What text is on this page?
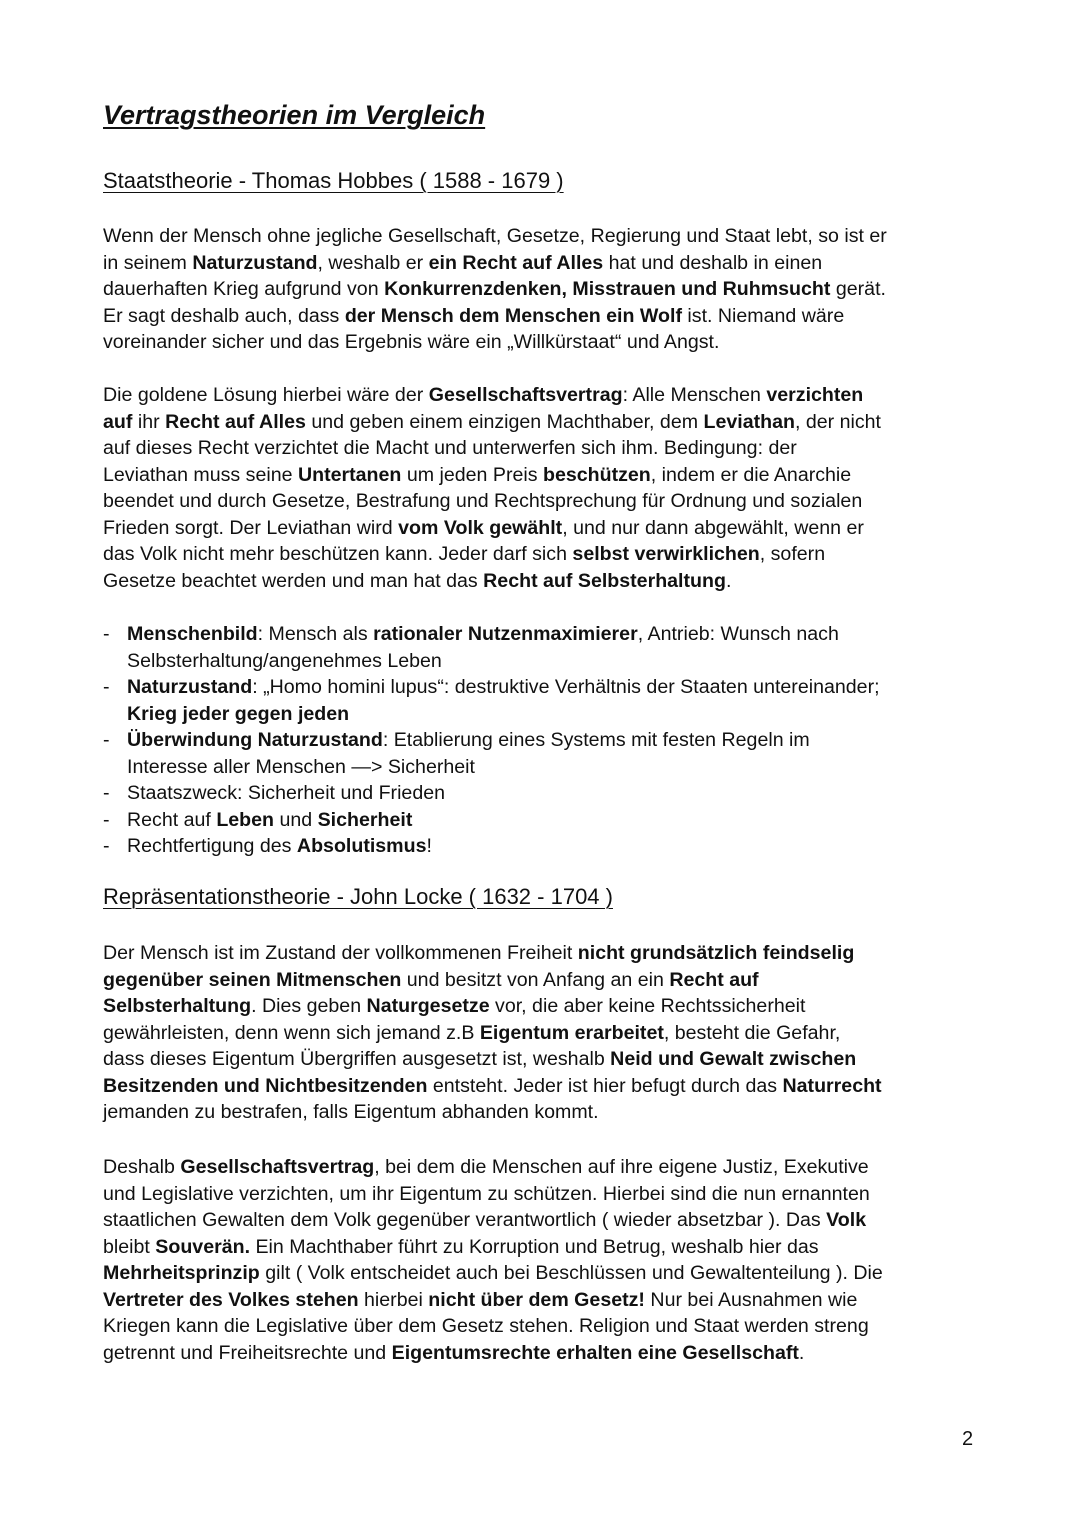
Vertragstheorien im Vergleich
Staatstheorie - Thomas Hobbes ( 1588 - 1679 )

Wenn der Mensch ohne jegliche Gesellschaft, Gesetze, Regierung und Staat lebt, so ist er
in seinem Naturzustand, weshalb er ein Recht auf Alles hat und deshalb in einen
dauerhaften Krieg aufgrund von Konkurrenzdenken, Misstrauen und Ruhmsucht gerät.
Er sagt deshalb auch, dass der Mensch dem Menschen ein Wolf ist. Niemand wäre
voreinander sicher und das Ergebnis wäre ein „Willkürstaat“ und Angst.

Die goldene Lösung hierbei wäre der Gesellschaftsvertrag: Alle Menschen verzichten
auf ihr Recht auf Alles und geben einem einzigen Machthaber, dem Leviathan, der nicht
auf dieses Recht verzichtet die Macht und unterwerfen sich ihm. Bedingung: der
Leviathan muss seine Untertanen um jeden Preis beschützen, indem er die Anarchie
beendet und durch Gesetze, Bestrafung und Rechtsprechung für Ordnung und sozialen
Frieden sorgt. Der Leviathan wird vom Volk gewählt, und nur dann abgewählt, wenn er
das Volk nicht mehr beschützen kann. Jeder darf sich selbst verwirklichen, sofern
Gesetze beachtet werden und man hat das Recht auf Selbsterhaltung.

- Menschenbild: Mensch als rationaler Nutzenmaximierer, Antrieb: Wunsch nach
Selbsterhaltung/angenehmes Leben
- Naturzustand: „Homo homini lupus“: destruktive Verhältnis der Staaten untereinander;
Krieg jeder gegen jeden
- Überwindung Naturzustand: Etablierung eines Systems mit festen Regeln im
Interesse aller Menschen —> Sicherheit
- Staatszweck: Sicherheit und Frieden
- Recht auf Leben und Sicherheit
- Rechtfertigung des Absolutismus!
Repräsentationstheorie - John Locke ( 1632 - 1704 )

Der Mensch ist im Zustand der vollkommenen Freiheit nicht grundsätzlich feindselig
gegenüber seinen Mitmenschen und besitzt von Anfang an ein Recht auf
Selbsterhaltung. Dies geben Naturgesetze vor, die aber keine Rechtssicherheit
gewährleisten, denn wenn sich jemand z.B Eigentum erarbeitet, besteht die Gefahr,
dass dieses Eigentum Übergriffen ausgesetzt ist, weshalb Neid und Gewalt zwischen
Besitzenden und Nichtbesitzenden entsteht. Jeder ist hier befugt durch das Naturrecht
jemanden zu bestrafen, falls Eigentum abhanden kommt.

Deshalb Gesellschaftsvertrag, bei dem die Menschen auf ihre eigene Justiz, Exekutive
und Legislative verzichten, um ihr Eigentum zu schützen. Hierbei sind die nun ernannten
staatlichen Gewalten dem Volk gegenüber verantwortlich ( wieder absetzbar ). Das Volk
bleibt Souverän. Ein Machthaber führt zu Korruption und Betrug, weshalb hier das
Mehrheitsprinzip gilt ( Volk entscheidet auch bei Beschlüssen und Gewaltenteilung ). Die
Vertreter des Volkes stehen hierbei nicht über dem Gesetz! Nur bei Ausnahmen wie
Kriegen kann die Legislative über dem Gesetz stehen. Religion und Staat werden streng
getrennt und Freiheitsrechte und Eigentumsrechte erhalten eine Gesellschaft.

2
